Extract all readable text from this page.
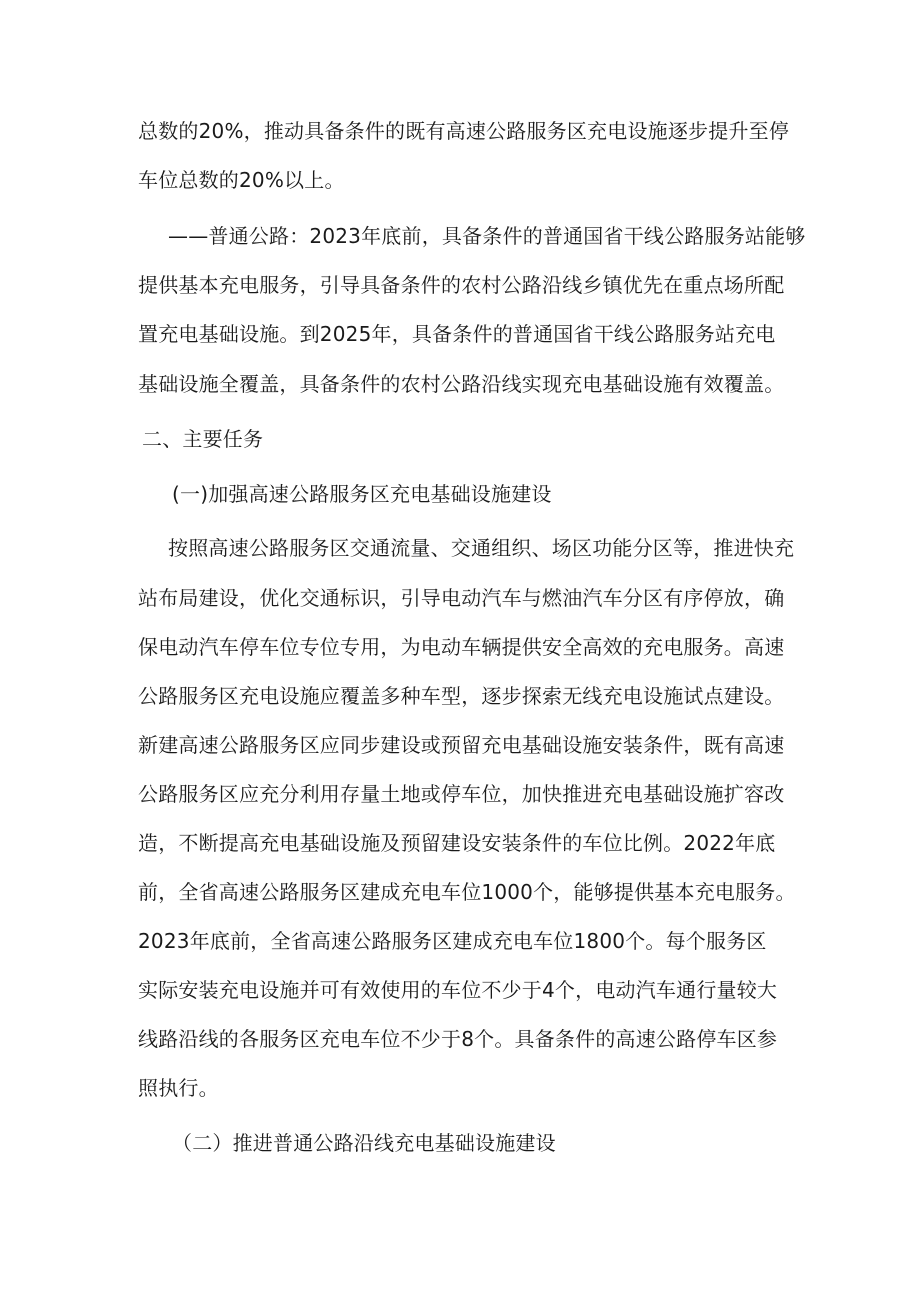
总数的20%，推动具备条件的既有高速公路服务区充电设施逐步提升至停
车位总数的20%以上。
——普通公路：2023年底前，具备条件的普通国省干线公路服务站能够
提供基本充电服务，引导具备条件的农村公路沿线乡镇优先在重点场所配
置充电基础设施。到2025年，具备条件的普通国省干线公路服务站充电
基础设施全覆盖，具备条件的农村公路沿线实现充电基础设施有效覆盖。
二、主要任务
(一)加强高速公路服务区充电基础设施建设
按照高速公路服务区交通流量、交通组织、场区功能分区等，推进快充
站布局建设，优化交通标识，引导电动汽车与燃油汽车分区有序停放，确
保电动汽车停车位专位专用，为电动车辆提供安全高效的充电服务。高速
公路服务区充电设施应覆盖多种车型，逐步探索无线充电设施试点建设。
新建高速公路服务区应同步建设或预留充电基础设施安装条件，既有高速
公路服务区应充分利用存量土地或停车位，加快推进充电基础设施扩容改
造，不断提高充电基础设施及预留建设安装条件的车位比例。2022年底
前，全省高速公路服务区建成充电车位1000个，能够提供基本充电服务。
2023年底前，全省高速公路服务区建成充电车位1800个。每个服务区
实际安装充电设施并可有效使用的车位不少于4个，电动汽车通行量较大
线路沿线的各服务区充电车位不少于8个。具备条件的高速公路停车区参
照执行。
（二）推进普通公路沿线充电基础设施建设
